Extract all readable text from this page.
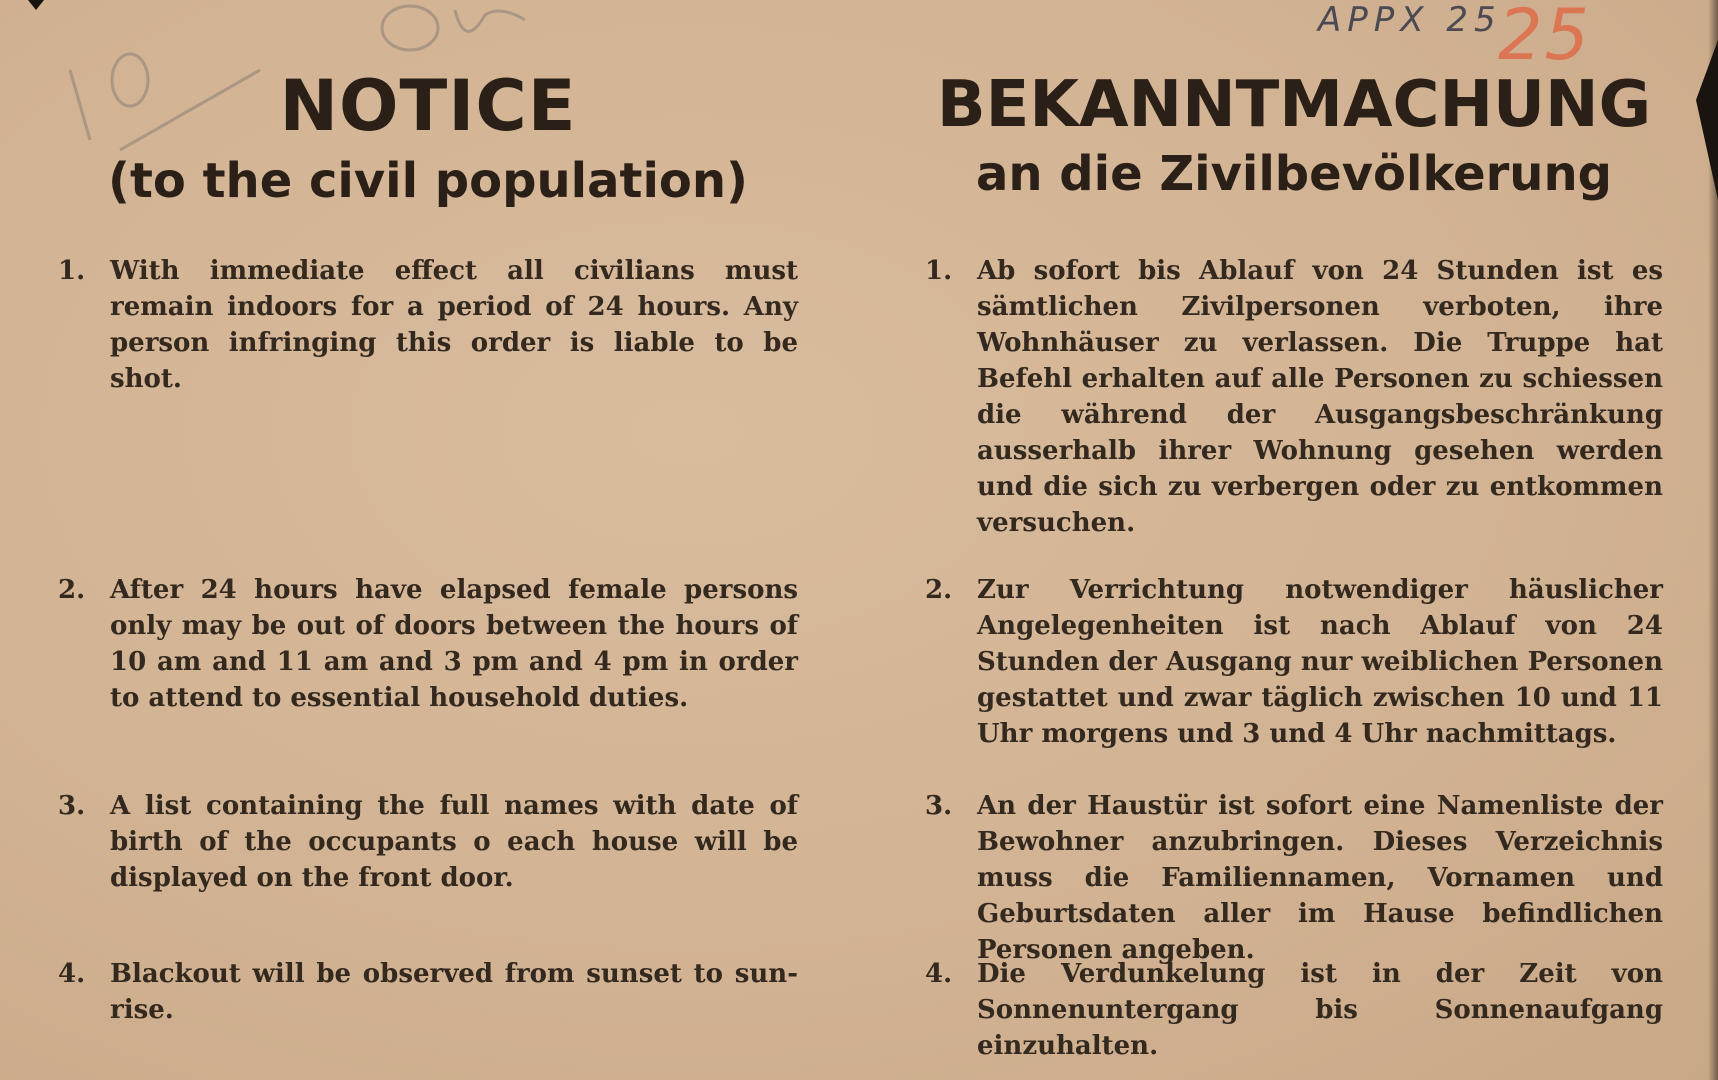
APPX 25
25
NOTICE
(to the civil population)
1. With immediate effect all civilians must remain indoors for a period of 24 hours. Any person infringing this order is liable to be shot.
2. After 24 hours have elapsed female persons only may be out of doors between the hours of 10 am and 11 am and 3 pm and 4 pm in order to attend to essential household duties.
3. A list containing the full names with date of birth of the occupants o each house will be displayed on the front door.
4. Blackout will be observed from sunset to sun-rise.
BEKANNTMACHUNG
an die Zivilbevölkerung
1. Ab sofort bis Ablauf von 24 Stunden ist es sämtlichen Zivilpersonen verboten, ihre Wohnhäuser zu verlassen. Die Truppe hat Befehl erhalten auf alle Personen zu schiessen die während der Ausgangsbeschränkung ausserhalb ihrer Wohnung gesehen werden und die sich zu verbergen oder zu entkommen versuchen.
2. Zur Verrichtung notwendiger häuslicher Angelegenheiten ist nach Ablauf von 24 Stunden der Ausgang nur weiblichen Personen gestattet und zwar täglich zwischen 10 und 11 Uhr morgens und 3 und 4 Uhr nachmittags.
3. An der Haustür ist sofort eine Namenliste der Bewohner anzubringen. Dieses Verzeichnis muss die Familiennamen, Vornamen und Geburtsdaten aller im Hause befindlichen Personen angeben.
4. Die Verdunkelung ist in der Zeit von Sonnenuntergang bis Sonnenaufgang einzuhalten.
